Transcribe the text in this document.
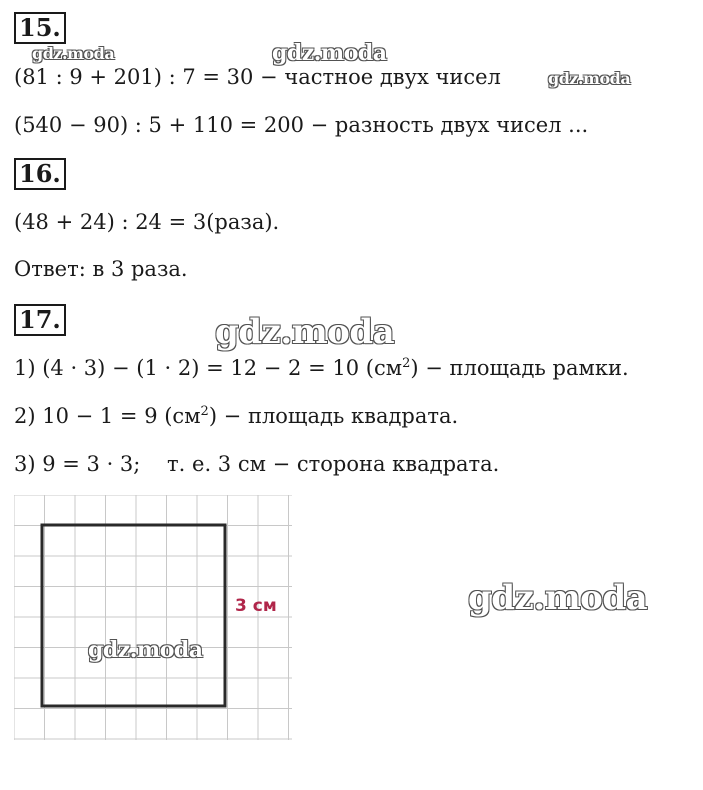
15.
(81 : 9 + 201) : 7 = 30 − частное двух чисел
(540 − 90) : 5 + 110 = 200 − разность двух чисел ...
16.
(48 + 24) : 24 = 3(раза).
Ответ: в 3 раза.
17.
1) (4 · 3) − (1 · 2) = 12 − 2 = 10 $(см^2)$ − площадь рамки.
2) 10 − 1 = 9 $(см^2)$ − площадь квадрата.
3) 9 = 3 · 3;    т. е. 3 см − сторона квадрата.
3 см
gdz.moda	gdz.moda
gdz.moda
gdz.moda
gdz.moda
gdz.moda
